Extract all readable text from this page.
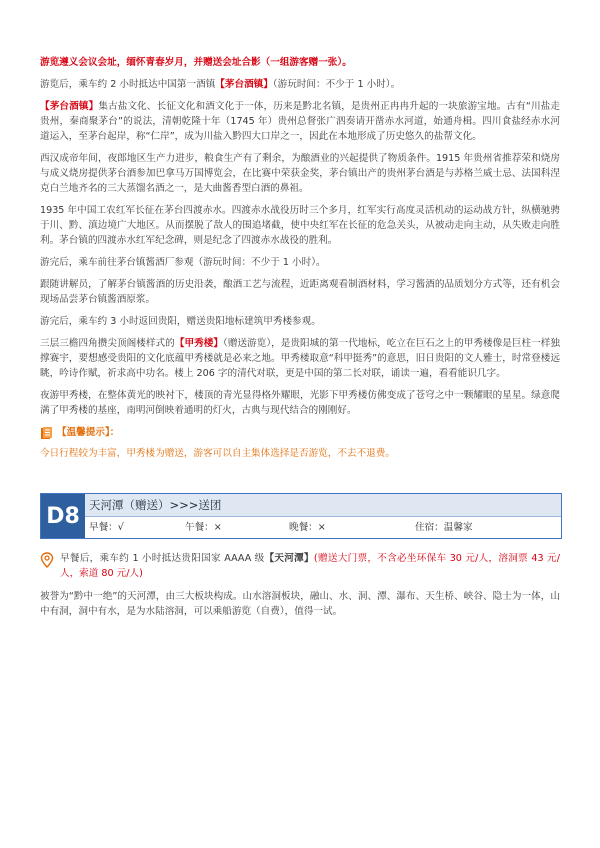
游览遵义会议会址，缅怀青春岁月，并赠送会址合影（一组游客赠一张）。

游览后，乘车约 2 小时抵达中国第一酒镇【茅台酒镇】（游玩时间：不少于 1 小时）。

【茅台酒镇】集古盐文化、长征文化和酒文化于一体，历来是黔北名镇，是贵州正冉冉升起的一块旅游宝地。古有“川盐走贵州，秦商聚茅台”的说法，清朝乾隆十年（1745 年）贵州总督张广泗奏请开凿赤水河道，始通舟楫。四川食盐经赤水河道运入，至茅台起岸，称“仁岸”，成为川盐入黔四大口岸之一，因此在本地形成了历史悠久的盐帮文化。

西汉成帝年间，夜郎地区生产力进步，粮食生产有了剩余，为酿酒业的兴起提供了物质条件。1915 年贵州省推荐荣和烧房与成义烧房提供茅台酒参加巴拿马万国博览会，在比赛中荣获金奖，茅台镇出产的贵州茅台酒是与苏格兰威士忌、法国科涅克白兰地齐名的三大蒸馏名酒之一，是大曲酱香型白酒的鼻祖。

1935 年中国工农红军长征在茅台四渡赤水。四渡赤水战役历时三个多月，红军实行高度灵活机动的运动战方针，纵横驰骋于川、黔、滇边境广大地区。从而摆脱了敌人的围追堵截，使中央红军在长征的危急关头，从被动走向主动，从失败走向胜利。茅台镇的四渡赤水红军纪念碑，则是纪念了四渡赤水战役的胜利。

游完后，乘车前往茅台镇酱酒厂参观（游玩时间：不少于 1 小时）。

跟随讲解员，了解茅台镇酱酒的历史沿袭，酿酒工艺与流程，近距离观看制酒材料，学习酱酒的品质划分方式等，还有机会现场品尝茅台镇酱酒原浆。

游完后，乘车约 3 小时返回贵阳，赠送贵阳地标建筑甲秀楼参观。

三层三檐四角攒尖顶阁楼样式的【甲秀楼】（赠送游览），是贵阳城的第一代地标，屹立在巨石之上的甲秀楼像是巨柱一样独撑赛宇，要想感受贵阳的文化底蕴甲秀楼就是必来之地。甲秀楼取意“科甲挺秀”的意思，旧日贵阳的文人雅士，时常登楼远眺，吟诗作赋，祈求高中功名。楼上 206 字的清代对联，更是中国的第二长对联，诵读一遍，看看能识几字。

夜游甲秀楼，在整体黄光的映衬下，楼顶的青光显得格外耀眼，光影下甲秀楼仿佛变成了苍穹之中一颗耀眼的星星。绿意爬满了甲秀楼的基座，南明河倒映着通明的灯火，古典与现代结合的刚刚好。

【温馨提示】：

今日行程较为丰富，甲秀楼为赠送，游客可以自主集体选择是否游览，不去不退费。

D8 天河潭（赠送）>>>送团
早餐：√	午餐：×	晚餐：×	住宿：温馨家

早餐后，乘车约 1 小时抵达贵阳国家 AAAA 级【天河潭】(赠送大门票，不含必坐环保车 30 元/人，溶洞票 43 元/人，索道 80 元/人)

被誉为“黔中一绝”的天河潭，由三大板块构成。山水溶洞板块，融山、水、洞、潭、瀑布、天生桥、峡谷、隐士为一体，山中有洞，洞中有水，是为水陆溶洞，可以乘船游览（自费），值得一试。
